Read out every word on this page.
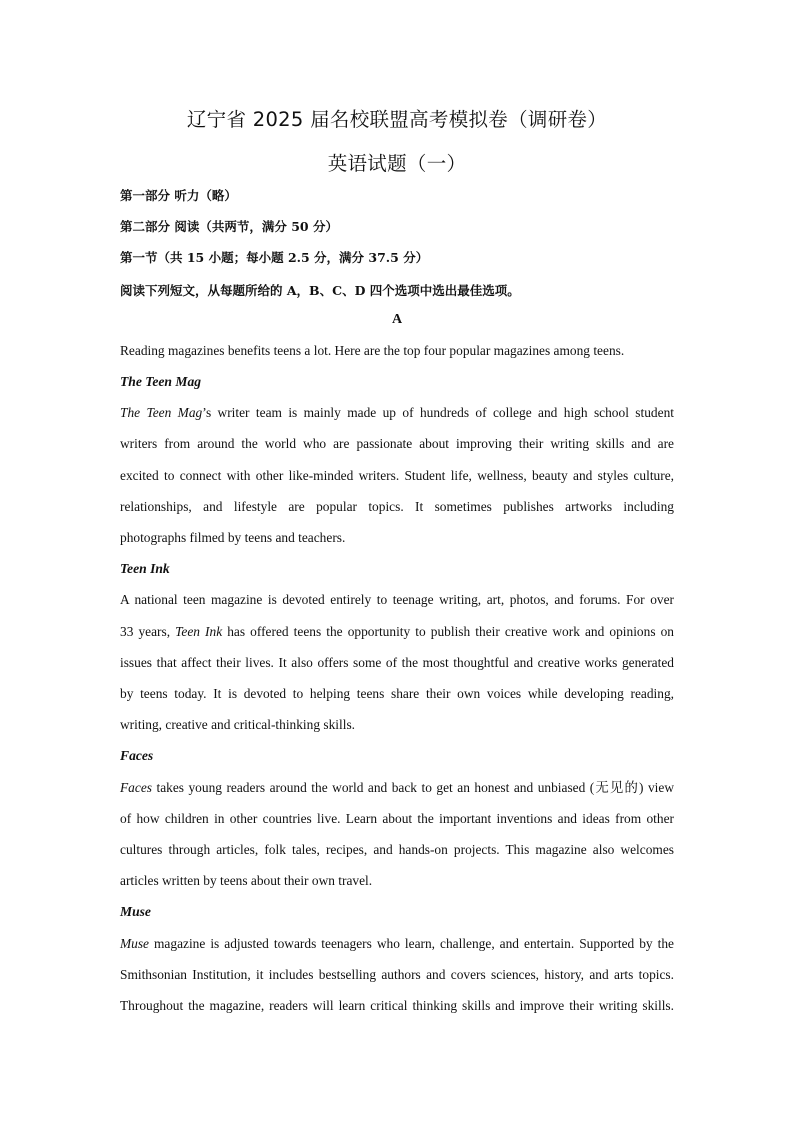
辽宁省 2025 届名校联盟高考模拟卷（调研卷）
英语试题（一）
第一部分 听力（略）
第二部分 阅读（共两节，满分 50 分）
第一节（共 15 小题；每小题 2.5 分，满分 37.5 分）
阅读下列短文，从每题所给的 A，B、C、D 四个选项中选出最佳选项。
A
Reading magazines benefits teens a lot. Here are the top four popular magazines among teens.
The Teen Mag
The Teen Mag’s writer team is mainly made up of hundreds of college and high school student
writers from around the world who are passionate about improving their writing skills and are
excited to connect with other like-minded writers. Student life, wellness, beauty and styles culture,
relationships, and lifestyle are popular topics. It sometimes publishes artworks including
photographs filmed by teens and teachers.
Teen Ink
A national teen magazine is devoted entirely to teenage writing, art, photos, and forums. For over
33 years, Teen Ink has offered teens the opportunity to publish their creative work and opinions on
issues that affect their lives. It also offers some of the most thoughtful and creative works generated
by teens today. It is devoted to helping teens share their own voices while developing reading,
writing, creative and critical-thinking skills.
Faces
Faces takes young readers around the world and back to get an honest and unbiased (无见的) view
of how children in other countries live. Learn about the important inventions and ideas from other
cultures through articles, folk tales, recipes, and hands-on projects. This magazine also welcomes
articles written by teens about their own travel.
Muse
Muse magazine is adjusted towards teenagers who learn, challenge, and entertain. Supported by the
Smithsonian Institution, it includes bestselling authors and covers sciences, history, and arts topics.
Throughout the magazine, readers will learn critical thinking skills and improve their writing skills.
